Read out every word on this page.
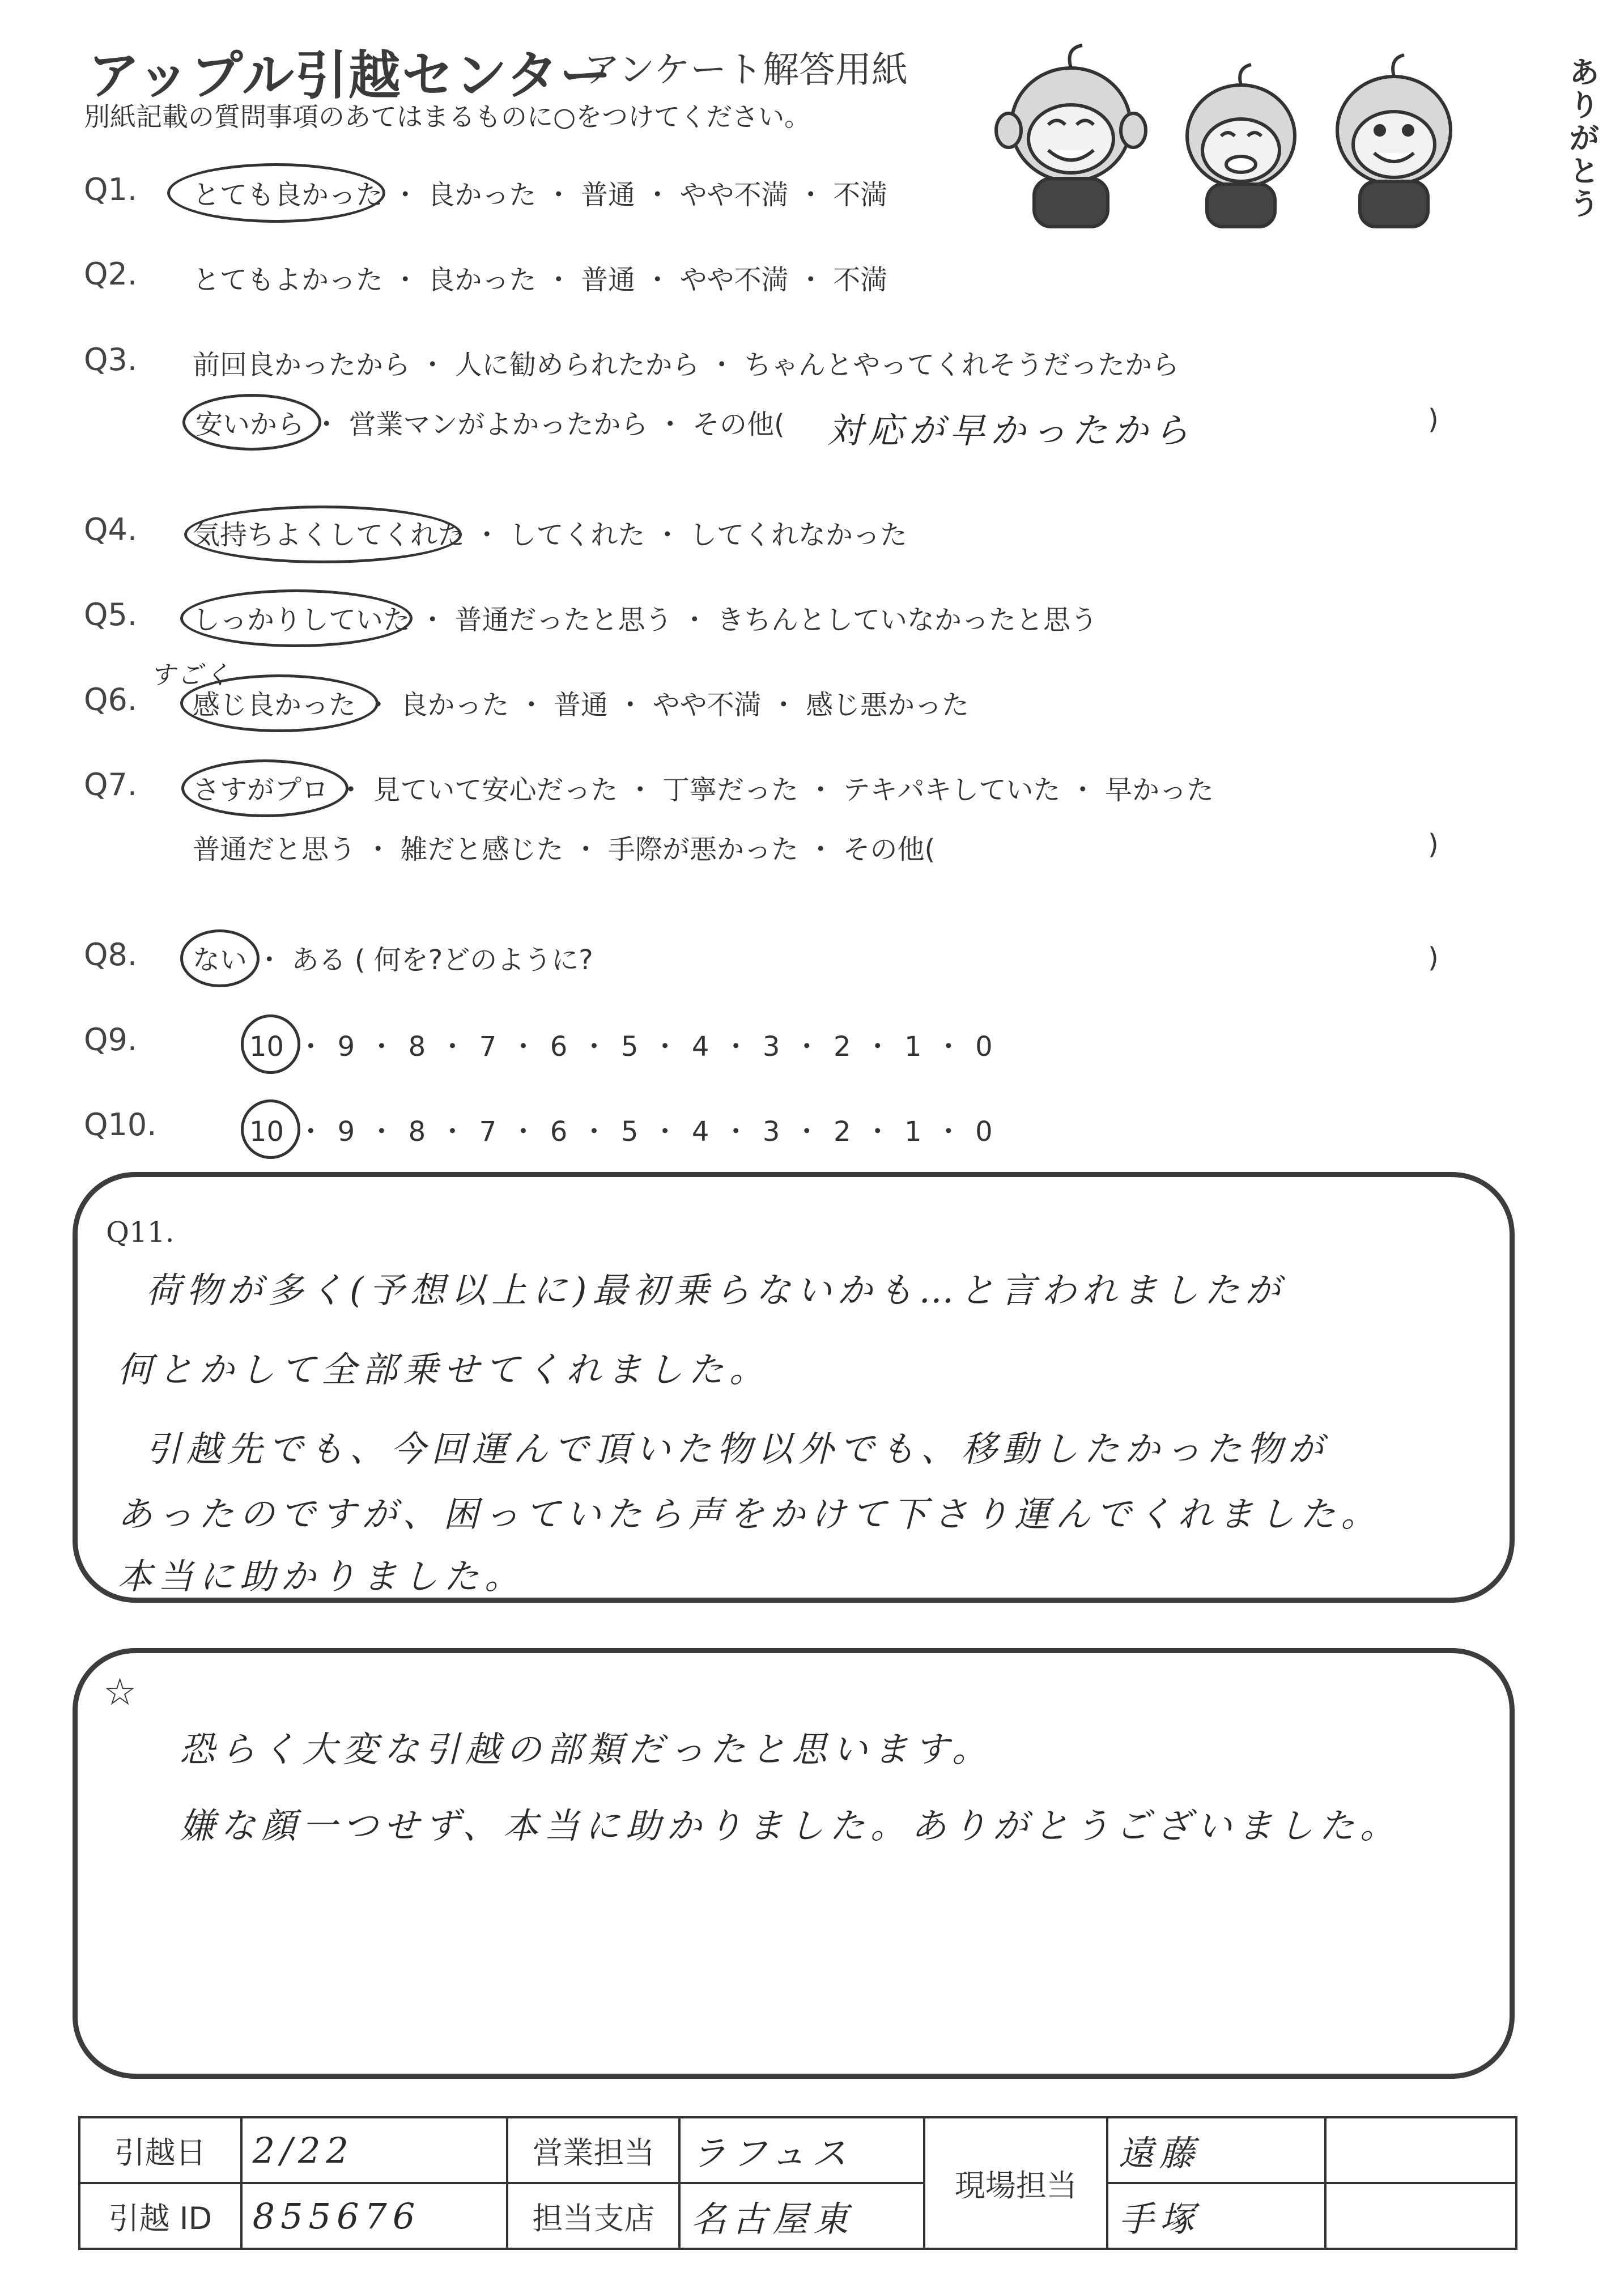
アップル引越センター
アンケート解答用紙
別紙記載の質問事項のあてはまるものに○をつけてください。
ありがとう
Q1. とても良かった ・ 良かった ・ 普通 ・ やや不満 ・ 不満
Q2. とてもよかった ・ 良かった ・ 普通 ・ やや不満 ・ 不満
Q3. 前回良かったから ・ 人に勧められたから ・ ちゃんとやってくれそうだったから
安いから ・ 営業マンがよかったから ・ その他( 対応が早かったから	)
Q4. 気持ちよくしてくれた ・ してくれた ・ してくれなかった
Q5. しっかりしていた ・ 普通だったと思う ・ きちんとしていなかったと思う
すごく
Q6. 感じ良かった ・ 良かった ・ 普通 ・ やや不満 ・ 感じ悪かった
Q7. さすがプロ ・ 見ていて安心だった ・ 丁寧だった ・ テキパキしていた ・ 早かった
普通だと思う ・ 雑だと感じた ・ 手際が悪かった ・ その他(	)
Q8. ない ・ ある ( 何を?どのように?	)
Q9.	10 ・ 9 ・ 8 ・ 7 ・ 6 ・ 5 ・ 4 ・ 3 ・ 2 ・ 1 ・ 0
Q10.	10 ・ 9 ・ 8 ・ 7 ・ 6 ・ 5 ・ 4 ・ 3 ・ 2 ・ 1 ・ 0
Q11.
荷物が多く(予想以上に)最初乗らないかも…と言われましたが
何とかして全部乗せてくれました。
引越先でも、今回運んで頂いた物以外でも、移動したかった物が
あったのですが、困っていたら声をかけて下さり運んでくれました。
本当に助かりました。
☆
恐らく大変な引越の部類だったと思います。
嫌な顔一つせず、本当に助かりました。ありがとうございました。
引越日	2/22	営業担当	ラフュス	現場担当	遠藤	
引越 ID	855676	担当支店	名古屋東		手塚	
